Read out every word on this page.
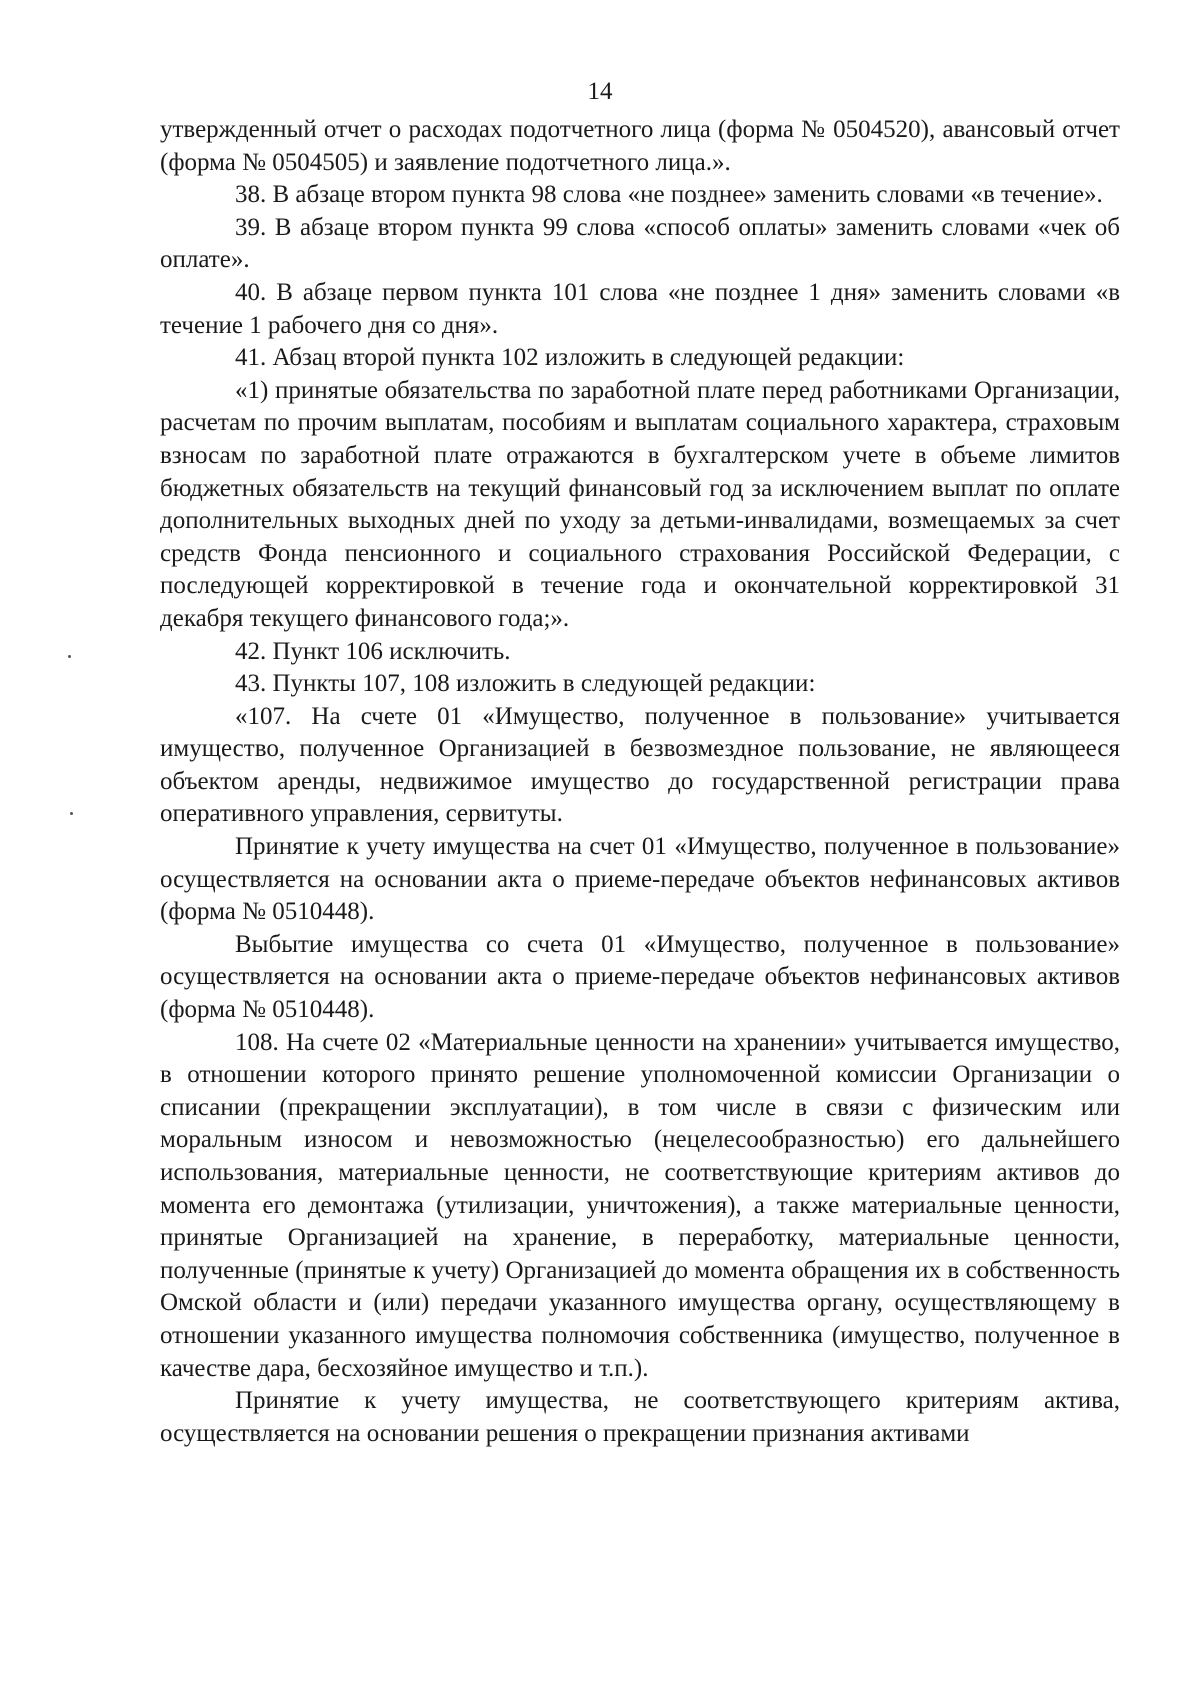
14

утвержденный отчет о расходах подотчетного лица (форма № 0504520), авансовый отчет (форма № 0504505) и заявление подотчетного лица.».

38. В абзаце втором пункта 98 слова «не позднее» заменить словами «в течение».

39. В абзаце втором пункта 99 слова «способ оплаты» заменить словами «чек об оплате».

40. В абзаце первом пункта 101 слова «не позднее 1 дня» заменить словами «в течение 1 рабочего дня со дня».

41. Абзац второй пункта 102 изложить в следующей редакции:

«1) принятые обязательства по заработной плате перед работниками Организации, расчетам по прочим выплатам, пособиям и выплатам социального характера, страховым взносам по заработной плате отражаются в бухгалтерском учете в объеме лимитов бюджетных обязательств на текущий финансовый год за исключением выплат по оплате дополнительных выходных дней по уходу за детьми-инвалидами, возмещаемых за счет средств Фонда пенсионного и социального страхования Российской Федерации, с последующей корректировкой в течение года и окончательной корректировкой 31 декабря текущего финансового года;».

42. Пункт 106 исключить.

43. Пункты 107, 108 изложить в следующей редакции:

«107. На счете 01 «Имущество, полученное в пользование» учитывается имущество, полученное Организацией в безвозмездное пользование, не являющееся объектом аренды, недвижимое имущество до государственной регистрации права оперативного управления, сервитуты.

Принятие к учету имущества на счет 01 «Имущество, полученное в пользование» осуществляется на основании акта о приеме-передаче объектов нефинансовых активов (форма № 0510448).

Выбытие имущества со счета 01 «Имущество, полученное в пользование» осуществляется на основании акта о приеме-передаче объектов нефинансовых активов (форма № 0510448).

108. На счете 02 «Материальные ценности на хранении» учитывается имущество, в отношении которого принято решение уполномоченной комиссии Организации о списании (прекращении эксплуатации), в том числе в связи с физическим или моральным износом и невозможностью (нецелесообразностью) его дальнейшего использования, материальные ценности, не соответствующие критериям активов до момента его демонтажа (утилизации, уничтожения), а также материальные ценности, принятые Организацией на хранение, в переработку, материальные ценности, полученные (принятые к учету) Организацией до момента обращения их в собственность Омской области и (или) передачи указанного имущества органу, осуществляющему в отношении указанного имущества полномочия собственника (имущество, полученное в качестве дара, бесхозяйное имущество и т.п.).

Принятие к учету имущества, не соответствующего критериям актива, осуществляется на основании решения о прекращении признания активами
